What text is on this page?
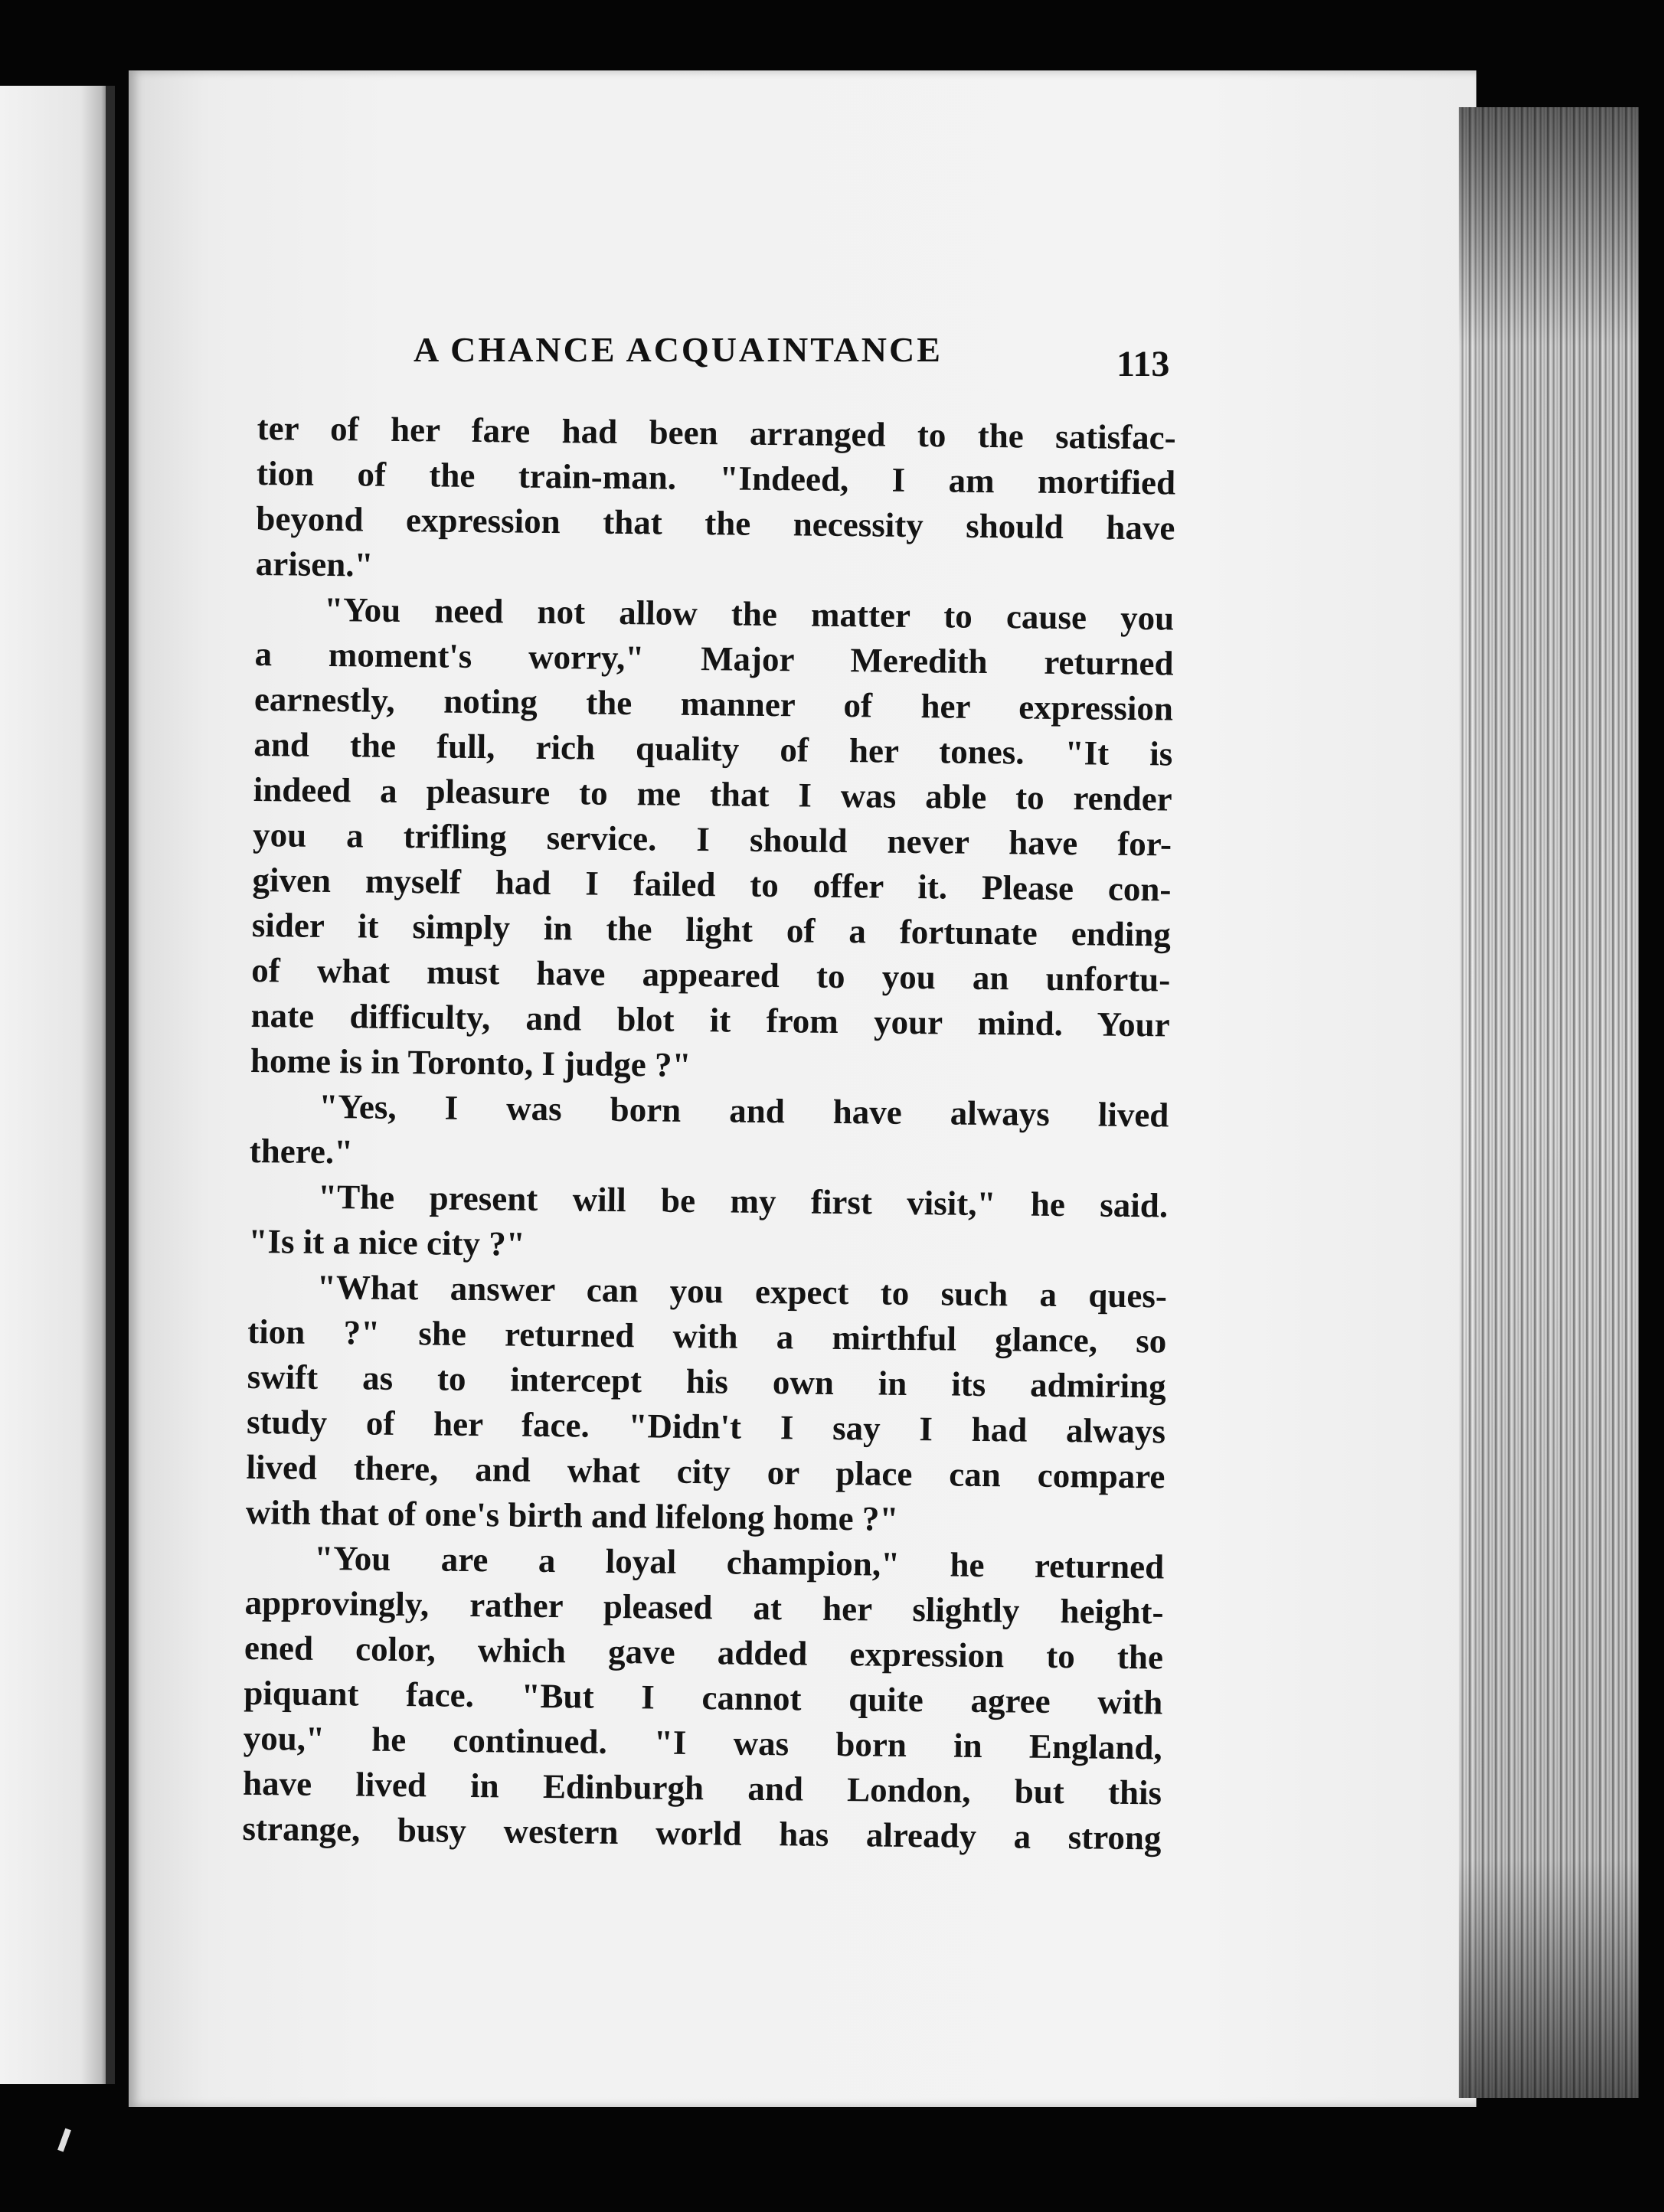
A CHANCE ACQUAINTANCE	113
ter of her fare had been arranged to the satisfac-
tion of the train-man. "Indeed, I am mortified
beyond expression that the necessity should have
arisen."
"You need not allow the matter to cause you
a moment's worry," Major Meredith returned
earnestly, noting the manner of her expression
and the full, rich quality of her tones. "It is
indeed a pleasure to me that I was able to render
you a trifling service. I should never have for-
given myself had I failed to offer it. Please con-
sider it simply in the light of a fortunate ending
of what must have appeared to you an unfortu-
nate difficulty, and blot it from your mind. Your
home is in Toronto, I judge ?"
"Yes, I was born and have always lived
there."
"The present will be my first visit," he said.
"Is it a nice city ?"
"What answer can you expect to such a ques-
tion ?" she returned with a mirthful glance, so
swift as to intercept his own in its admiring
study of her face. "Didn't I say I had always
lived there, and what city or place can compare
with that of one's birth and lifelong home ?"
"You are a loyal champion," he returned
approvingly, rather pleased at her slightly height-
ened color, which gave added expression to the
piquant face. "But I cannot quite agree with
you," he continued. "I was born in England,
have lived in Edinburgh and London, but this
strange, busy western world has already a strong
